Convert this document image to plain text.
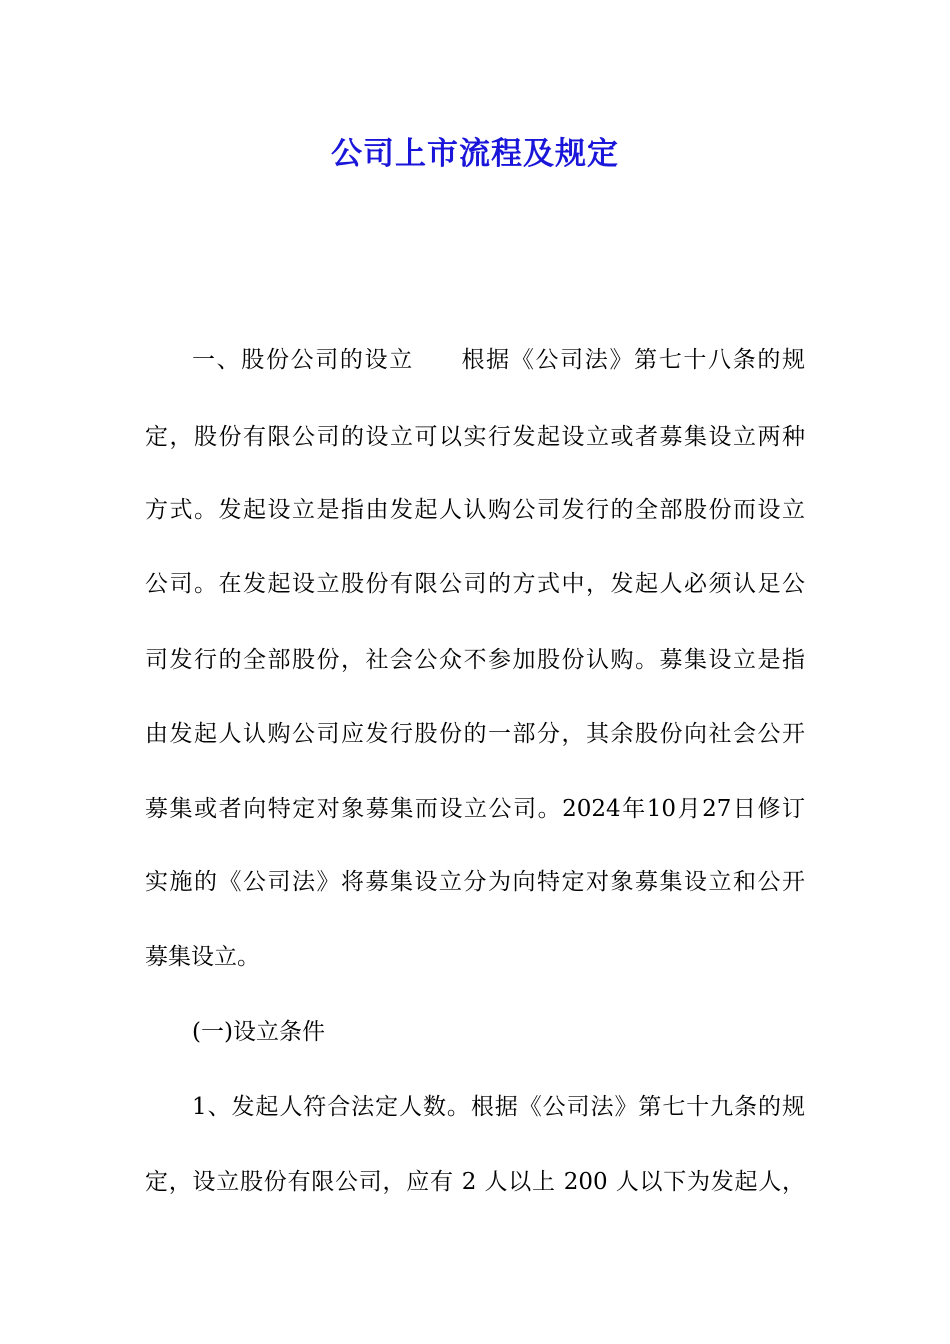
公司上市流程及规定
一、股份公司的设立 根据《公司法》第七十八条的规
定，股份有限公司的设立可以实行发起设立或者募集设立两种
方式。发起设立是指由发起人认购公司发行的全部股份而设立
公司。在发起设立股份有限公司的方式中，发起人必须认足公
司发行的全部股份，社会公众不参加股份认购。募集设立是指
由发起人认购公司应发行股份的一部分，其余股份向社会公开
募集或者向特定对象募集而设立公司。2024年10月27日修订
实施的《公司法》将募集设立分为向特定对象募集设立和公开
募集设立。
(一)设立条件
1、发起人符合法定人数。根据《公司法》第七十九条的规
定，设立股份有限公司，应有 2 人以上 200 人以下为发起人，
